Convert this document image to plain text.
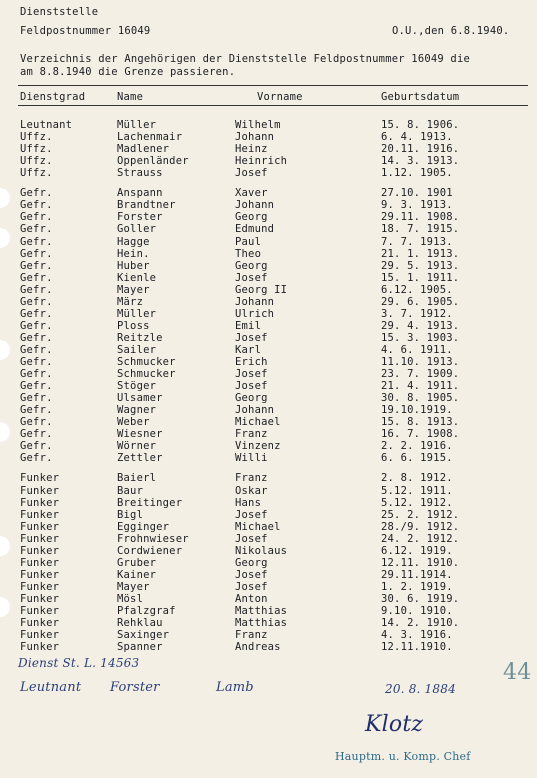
Dienststelle
Feldpostnummer 16049	O.U.,den 6.8.1940.
Verzeichnis der Angehörigen der Dienststelle Feldpostnummer 16049 die
am 8.8.1940 die Grenze passieren.
Dienstgrad	Name	Vorname	Geburtsdatum
Leutnant	Müller	Wilhelm	15. 8. 1906.
Uffz.	Lachenmair	Johann	6. 4. 1913.
Uffz.	Madlener	Heinz	20.11. 1916.
Uffz.	Oppenländer	Heinrich	14. 3. 1913.
Uffz.	Strauss	Josef	1.12. 1905.
Gefr.	Anspann	Xaver	27.10. 1901
Gefr.	Brandtner	Johann	9. 3. 1913.
Gefr.	Forster	Georg	29.11. 1908.
Gefr.	Goller	Edmund	18. 7. 1915.
Gefr.	Hagge	Paul	7. 7. 1913.
Gefr.	Hein.	Theo	21. 1. 1913.
Gefr.	Huber	Georg	29. 5. 1913.
Gefr.	Kienle	Josef	15. 1. 1911.
Gefr.	Mayer	Georg II	6.12. 1905.
Gefr.	März	Johann	29. 6. 1905.
Gefr.	Müller	Ulrich	3. 7. 1912.
Gefr.	Ploss	Emil	29. 4. 1913.
Gefr.	Reitzle	Josef	15. 3. 1903.
Gefr.	Sailer	Karl	4. 6. 1911.
Gefr.	Schmucker	Erich	11.10. 1913.
Gefr.	Schmucker	Josef	23. 7. 1909.
Gefr.	Stöger	Josef	21. 4. 1911.
Gefr.	Ulsamer	Georg	30. 8. 1905.
Gefr.	Wagner	Johann	19.10.1919.
Gefr.	Weber	Michael	15. 8. 1913.
Gefr.	Wiesner	Franz	16. 7. 1908.
Gefr.	Wörner	Vinzenz	2. 2. 1916.
Gefr.	Zettler	Willi	6. 6. 1915.
Funker	Baierl	Franz	2. 8. 1912.
Funker	Baur	Oskar	5.12. 1911.
Funker	Breitinger	Hans	5.12. 1912.
Funker	Bigl	Josef	25. 2. 1912.
Funker	Egginger	Michael	28./9. 1912.
Funker	Frohnwieser	Josef	24. 2. 1912.
Funker	Cordwiener	Nikolaus	6.12. 1919.
Funker	Gruber	Georg	12.11. 1910.
Funker	Kainer	Josef	29.11.1914.
Funker	Mayer	Josef	1. 2. 1919.
Funker	Mösl	Anton	30. 6. 1919.
Funker	Pfalzgraf	Matthias	9.10. 1910.
Funker	Rehklau	Matthias	14. 2. 1910.
Funker	Saxinger	Franz	4. 3. 1916.
Funker	Spanner	Andreas	12.11.1910.
Dienst St. L. 14563
Leutnant Forster	Lamb	20. 8. 1884
44
Klotz
Hauptm. u. Komp. Chef
